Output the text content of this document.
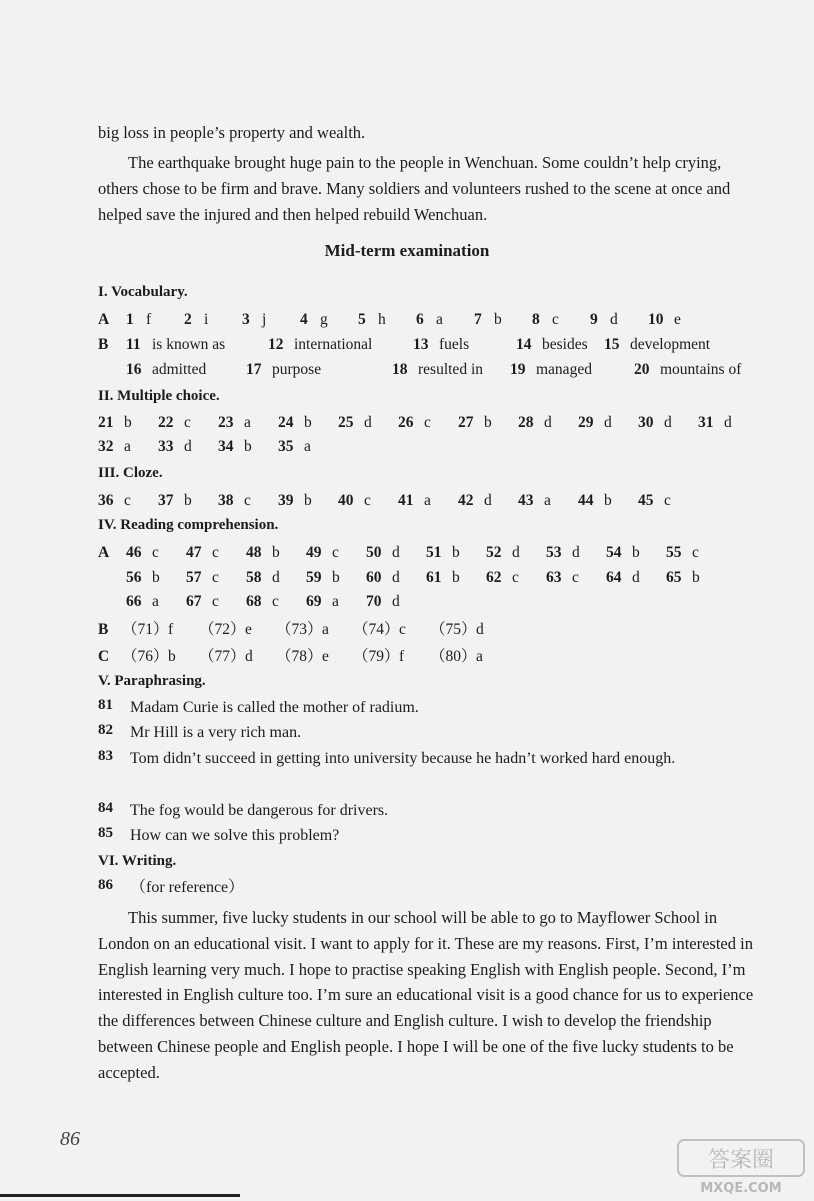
big loss in people’s property and wealth.
The earthquake brought huge pain to the people in Wenchuan. Some couldn’t help crying, others chose to be firm and brave. Many soldiers and volunteers rushed to the scene at once and helped save the injured and then helped rebuild Wenchuan.
Mid-term examination
I. Vocabulary.
A 1 f 2 i 3 j 4 g 5 h 6 a 7 b 8 c 9 d 10 e
B 11 is known as	12 international	13 fuels	14 besides 15 development
16 admitted	17 purpose	18 resulted in 19 managed	20 mountains of
II. Multiple choice.
21 b 22 c 23 a 24 b 25 d 26 c 27 b 28 d 29 d 30 d 31 d
32 a 33 d 34 b 35 a
III. Cloze.
36 c 37 b 38 c 39 b 40 c 41 a 42 d 43 a 44 b 45 c
IV. Reading comprehension.
A 46 c 47 c 48 b 49 c 50 d 51 b 52 d 53 d 54 b 55 c
56 b 57 c 58 d 59 b 60 d 61 b 62 c 63 c 64 d 65 b
66 a 67 c 68 c 69 a 70 d
B （71） f （72） e （73） a （74） c （75） d
C （76） b （77） d （78） e （79） f （80） a
V. Paraphrasing.
81 Madam Curie is called the mother of radium.
82 Mr Hill is a very rich man.
83 Tom didn’t succeed in getting into university because he hadn’t worked hard enough.
84 The fog would be dangerous for drivers.
85 How can we solve this problem?
VI. Writing.
86 （for reference）
This summer, five lucky students in our school will be able to go to Mayflower School in London on an educational visit. I want to apply for it. These are my reasons. First, I’m interested in English learning very much. I hope to practise speaking English with English people. Second, I’m interested in English culture too. I’m sure an educational visit is a good chance for us to experience the differences between Chinese culture and English culture. I wish to develop the friendship between Chinese people and English people. I hope I will be one of the five lucky students to be accepted.
86
答案圈
MXQE.COM
